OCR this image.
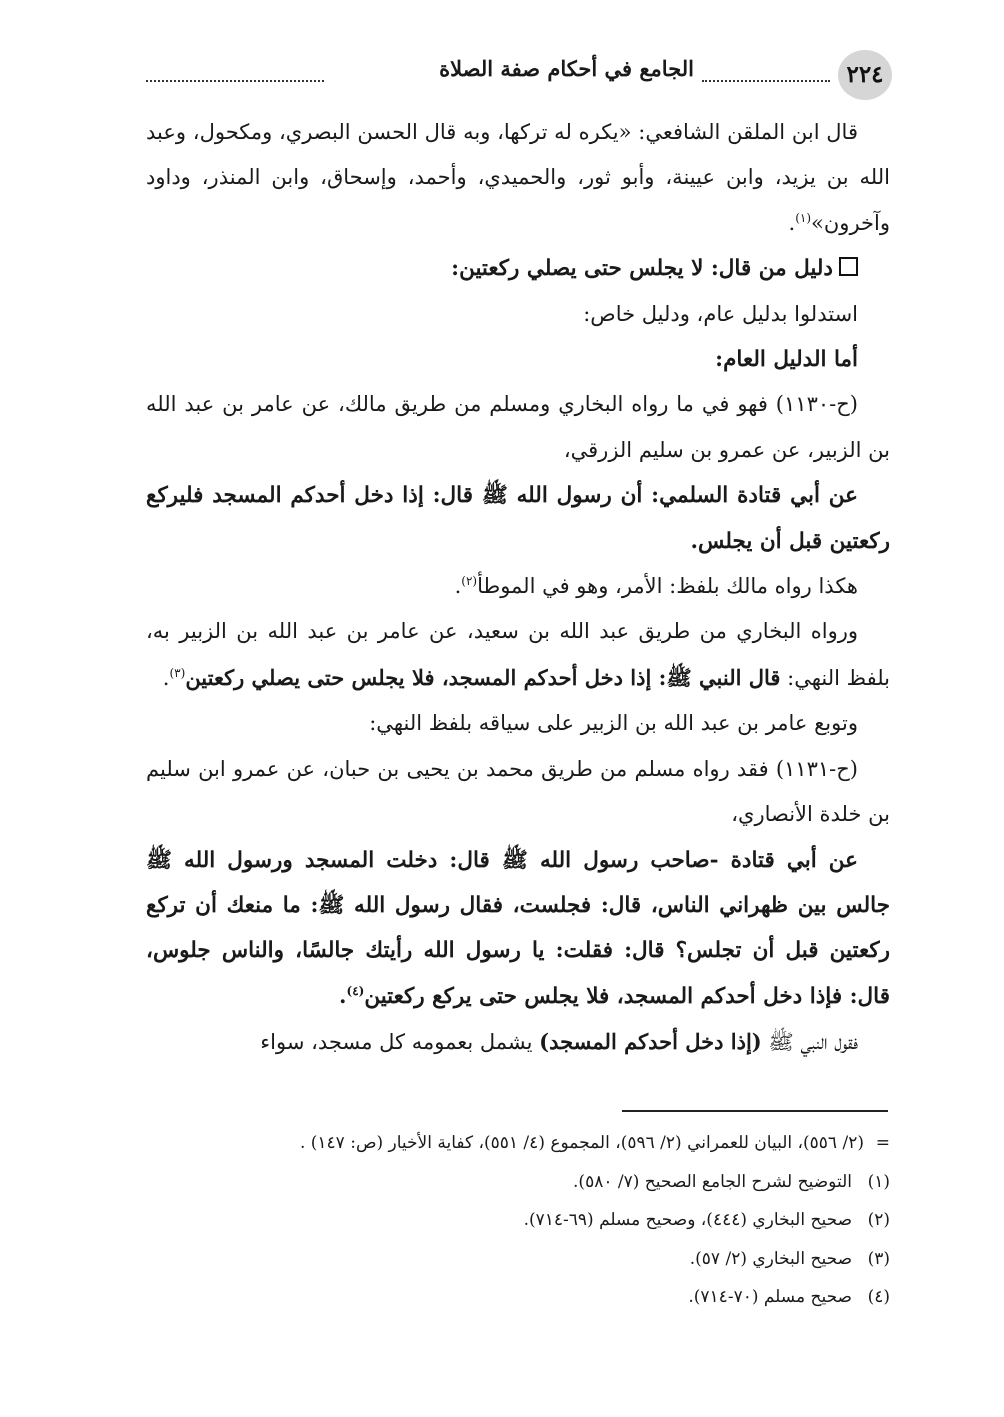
٢٢٤
الجامع في أحكام صفة الصلاة

قال ابن الملقن الشافعي: «يكره له تركها، وبه قال الحسن البصري، ومكحول، وعبد الله بن يزيد، وابن عيينة، وأبو ثور، والحميدي، وأحمد، وإسحاق، وابن المنذر، وداود وآخرون»$^{(١)}$.

دليل من قال: لا يجلس حتى يصلي ركعتين:

استدلوا بدليل عام، ودليل خاص:

أما الدليل العام:

(ح-١١٣٠) فهو في ما رواه البخاري ومسلم من طريق مالك، عن عامر بن عبد الله بن الزبير، عن عمرو بن سليم الزرقي،

عن أبي قتادة السلمي: أن رسول الله ﷺ قال: إذا دخل أحدكم المسجد فليركع ركعتين قبل أن يجلس.

هكذا رواه مالك بلفظ: الأمر، وهو في الموطأ$^{(٢)}$.

ورواه البخاري من طريق عبد الله بن سعيد، عن عامر بن عبد الله بن الزبير به، بلفظ النهي: قال النبي ﷺ: إذا دخل أحدكم المسجد، فلا يجلس حتى يصلي ركعتين$^{(٣)}$.

وتوبع عامر بن عبد الله بن الزبير على سياقه بلفظ النهي:

(ح-١١٣١) فقد رواه مسلم من طريق محمد بن يحيى بن حبان، عن عمرو ابن سليم بن خلدة الأنصاري،

عن أبي قتادة -صاحب رسول الله ﷺ قال: دخلت المسجد ورسول الله ﷺ جالس بين ظهراني الناس، قال: فجلست، فقال رسول الله ﷺ: ما منعك أن تركع ركعتين قبل أن تجلس؟ قال: فقلت: يا رسول الله رأيتك جالسًا، والناس جلوس، قال: فإذا دخل أحدكم المسجد، فلا يجلس حتى يركع ركعتين$^{(٤)}$.

فقول النبي ﷺ (إذا دخل أحدكم المسجد) يشمل بعمومه كل مسجد، سواء

=(٢/ ٥٥٦)، البيان للعمراني (٢/ ٥٩٦)، المجموع (٤/ ٥٥١)، كفاية الأخيار (ص: ١٤٧) .

(١)التوضيح لشرح الجامع الصحيح (٧/ ٥٨٠).

(٢)صحيح البخاري (٤٤٤)، وصحيح مسلم (٦٩-٧١٤).

(٣)صحيح البخاري (٢/ ٥٧).

(٤)صحيح مسلم (٧٠-٧١٤).
